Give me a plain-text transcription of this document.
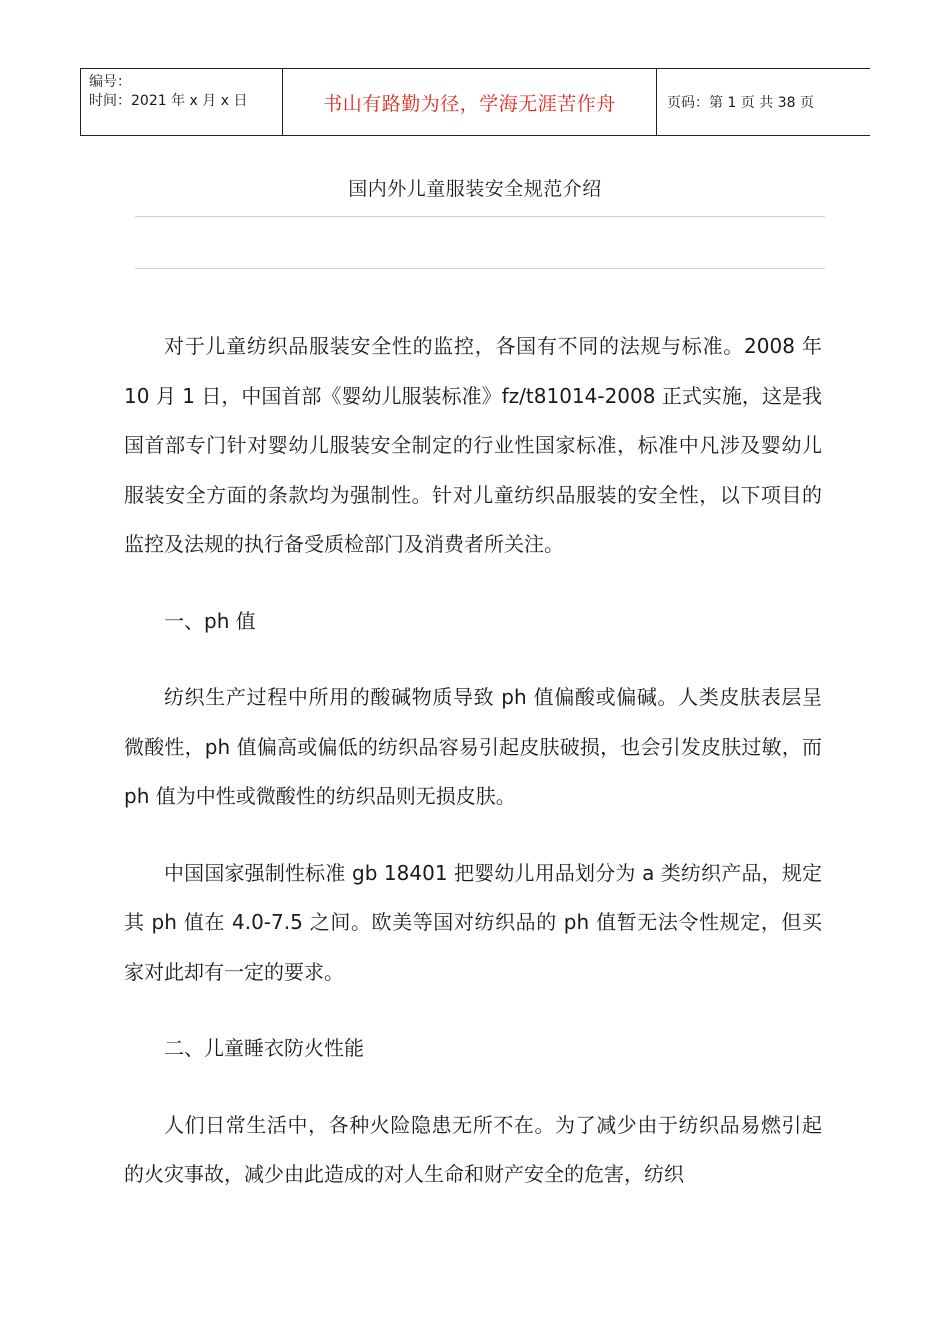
编号：
时间：2021 年 x 月 x 日	书山有路勤为径，学海无涯苦作舟	页码：第 1 页 共 38 页
国内外儿童服装安全规范介绍

对于儿童纺织品服装安全性的监控，各国有不同的法规与标准。2008 年 10 月 1 日，中国首部《婴幼儿服装标准》fz/t81014-2008 正式实施，这是我国首部专门针对婴幼儿服装安全制定的行业性国家标准，标准中凡涉及婴幼儿服装安全方面的条款均为强制性。针对儿童纺织品服装的安全性，以下项目的监控及法规的执行备受质检部门及消费者所关注。

一、ph 值

纺织生产过程中所用的酸碱物质导致 ph 值偏酸或偏碱。人类皮肤表层呈微酸性，ph 值偏高或偏低的纺织品容易引起皮肤破损，也会引发皮肤过敏，而 ph 值为中性或微酸性的纺织品则无损皮肤。

中国国家强制性标准 gb 18401 把婴幼儿用品划分为 a 类纺织产品，规定其 ph 值在 4.0-7.5 之间。欧美等国对纺织品的 ph 值暂无法令性规定，但买家对此却有一定的要求。

二、儿童睡衣防火性能

人们日常生活中，各种火险隐患无所不在。为了减少由于纺织品易燃引起的火灾事故，减少由此造成的对人生命和财产安全的危害，纺织
